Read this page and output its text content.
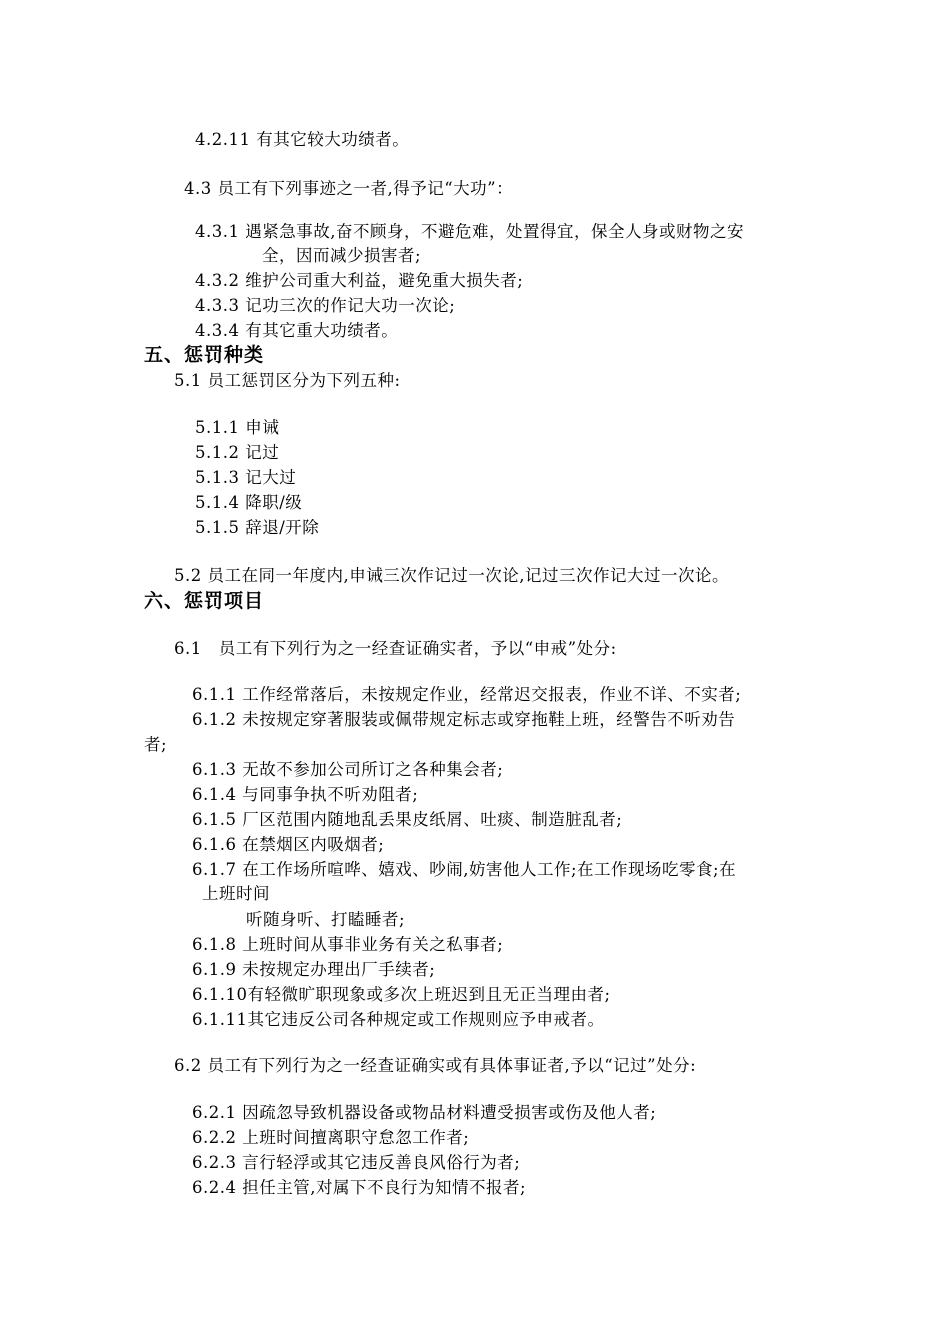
4.2.11 有其它较大功绩者。
4.3 员工有下列事迹之一者,得予记“大功”：
4.3.1 遇紧急事故,奋不顾身，不避危难，处置得宜，保全人身或财物之安
全，因而减少损害者;
4.3.2 维护公司重大利益，避免重大损失者;
4.3.3 记功三次的作记大功一次论;
4.3.4 有其它重大功绩者。
五、惩罚种类
5.1 员工惩罚区分为下列五种:
5.1.1 申诫
5.1.2 记过
5.1.3 记大过
5.1.4 降职/级
5.1.5 辞退/开除
5.2 员工在同一年度内,申诫三次作记过一次论,记过三次作记大过一次论。
六、惩罚项目
6.1　员工有下列行为之一经查证确实者，予以“申戒”处分:
6.1.1 工作经常落后，未按规定作业，经常迟交报表，作业不详、不实者;
6.1.2 未按规定穿著服装或佩带规定标志或穿拖鞋上班，经警告不听劝告
者;
6.1.3 无故不参加公司所订之各种集会者;
6.1.4 与同事争执不听劝阻者;
6.1.5 厂区范围内随地乱丢果皮纸屑、吐痰、制造脏乱者;
6.1.6 在禁烟区内吸烟者;
6.1.7 在工作场所喧哗、嬉戏、吵闹,妨害他人工作;在工作现场吃零食;在
上班时间
听随身听、打瞌睡者;
6.1.8 上班时间从事非业务有关之私事者;
6.1.9 未按规定办理出厂手续者;
6.1.10有轻微旷职现象或多次上班迟到且无正当理由者;
6.1.11其它违反公司各种规定或工作规则应予申戒者。
6.2 员工有下列行为之一经查证确实或有具体事证者,予以“记过”处分:
6.2.1 因疏忽导致机器设备或物品材料遭受损害或伤及他人者;
6.2.2 上班时间擅离职守怠忽工作者;
6.2.3 言行轻浮或其它违反善良风俗行为者;
6.2.4 担任主管,对属下不良行为知情不报者;
